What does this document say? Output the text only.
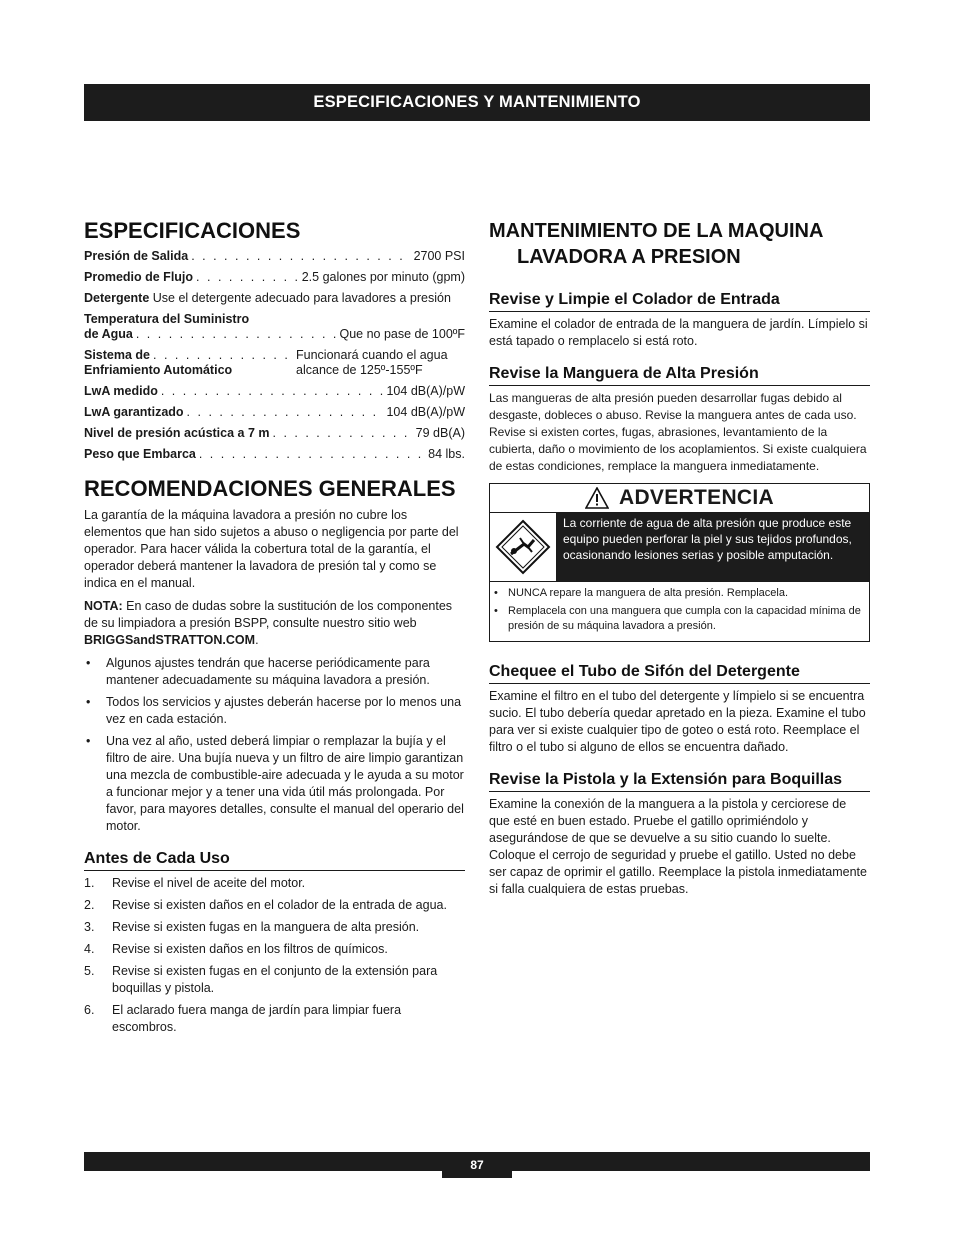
ESPECIFICACIONES Y MANTENIMIENTO
ESPECIFICACIONES
Presión de Salida . . .	2700 PSI
Promedio de Flujo . . .	2.5 galones por minuto (gpm)
Detergente Use el detergente adecuado para lavadores a presión
Temperatura del Suministro
de Agua . . .	Que no pase de 100ºF
Sistema de . . .	Funcionará cuando el agua
Enfriamiento Automático	alcance de 125º-155ºF
LwA medido . . .	104 dB(A)/pW
LwA garantizado . . .	104 dB(A)/pW
Nivel de presión acústica a 7 m . . .	79 dB(A)
Peso que Embarca . . .	84 lbs.
RECOMENDACIONES GENERALES

La garantía de la máquina lavadora a presión no cubre los elementos que han sido sujetos a abuso o negligencia por parte del operador. Para hacer válida la cobertura total de la garantía, el operador deberá mantener la lavadora de presión tal y como se indica en el manual.

NOTA: En caso de dudas sobre la sustitución de los componentes de su limpiadora a presión BSPP, consulte nuestro sitio web BRIGGSandSTRATTON.COM.

• Algunos ajustes tendrán que hacerse periódicamente para mantener adecuadamente su máquina lavadora a presión.
• Todos los servicios y ajustes deberán hacerse por lo menos una vez en cada estación.
• Una vez al año, usted deberá limpiar o remplazar la bujía y el filtro de aire. Una bujía nueva y un filtro de aire limpio garantizan una mezcla de combustible-aire adecuada y le ayuda a su motor a funcionar mejor y a tener una vida útil más prolongada. Por favor, para mayores detalles, consulte el manual del operario del motor.
Antes de Cada Uso
1. Revise el nivel de aceite del motor.
2. Revise si existen daños en el colador de la entrada de agua.
3. Revise si existen fugas en la manguera de alta presión.
4. Revise si existen daños en los filtros de químicos.
5. Revise si existen fugas en el conjunto de la extensión para boquillas y pistola.
6. El aclarado fuera manga de jardín para limpiar fuera escombros.
MANTENIMIENTO DE LA MAQUINA LAVADORA A PRESION
Revise y Limpie el Colador de Entrada

Examine el colador de entrada de la manguera de jardín. Límpielo si está tapado o remplacelo si está roto.

Revise la Manguera de Alta Presión

Las mangueras de alta presión pueden desarrollar fugas debido al desgaste, dobleces o abuso. Revise la manguera antes de cada uso. Revise si existen cortes, fugas, abrasiones, levantamiento de la cubierta, daño o movimiento de los acoplamientos. Si existe cualquiera de estas condiciones, remplace la manguera inmediatamente.

ADVERTENCIA
La corriente de agua de alta presión que produce este equipo pueden perforar la piel y sus tejidos profundos, ocasionando lesiones serias y posible amputación.
• NUNCA repare la manguera de alta presión. Remplacela.
• Remplacela con una manguera que cumpla con la capacidad mínima de presión de su máquina lavadora a presión.
Chequee el Tubo de Sifón del Detergente

Examine el filtro en el tubo del detergente y límpielo si se encuentra sucio. El tubo debería quedar apretado en la pieza. Examine el tubo para ver si existe cualquier tipo de goteo o está roto. Reemplace el filtro o el tubo si alguno de ellos se encuentra dañado.

Revise la Pistola y la Extensión para Boquillas

Examine la conexión de la manguera a la pistola y cerciorese de que esté en buen estado. Pruebe el gatillo oprimiéndolo y asegurándose de que se devuelve a su sitio cuando lo suelte. Coloque el cerrojo de seguridad y pruebe el gatillo. Usted no debe ser capaz de oprimir el gatillo. Reemplace la pistola inmediatamente si falla cualquiera de estas pruebas.

87
